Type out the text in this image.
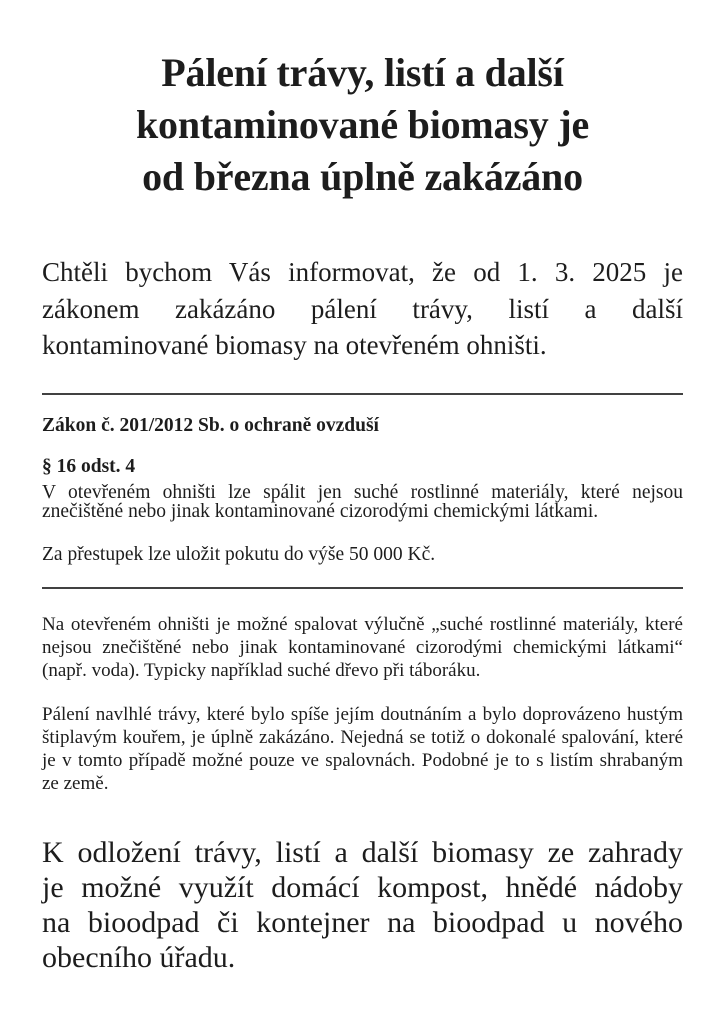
Pálení trávy, listí a další
kontaminované biomasy je
od března úplně zakázáno
Chtěli bychom Vás informovat, že od 1. 3. 2025 je
zákonem zakázáno pálení trávy, listí a další
kontaminované biomasy na otevřeném ohništi.
Zákon č. 201/2012 Sb. o ochraně ovzduší
§ 16 odst. 4
V otevřeném ohništi lze spálit jen suché rostlinné materiály, které nejsou znečištěné nebo jinak kontaminované cizorodými chemickými látkami.
Za přestupek lze uložit pokutu do výše 50 000 Kč.
Na otevřeném ohništi je možné spalovat výlučně „suché rostlinné materiály, které nejsou znečištěné nebo jinak kontaminované cizorodými chemickými látkami“ (např. voda). Typicky například suché dřevo při táboráku.
Pálení navlhlé trávy, které bylo spíše jejím doutnáním a bylo doprovázeno hustým štiplavým kouřem, je úplně zakázáno. Nejedná se totiž o dokonalé spalování, které je v tomto případě možné pouze ve spalovnách. Podobné je to s listím shrabaným ze země.
K odložení trávy, listí a další biomasy ze zahrady
je možné využít domácí kompost, hnědé nádoby
na bioodpad či kontejner na bioodpad u nového
obecního úřadu.
